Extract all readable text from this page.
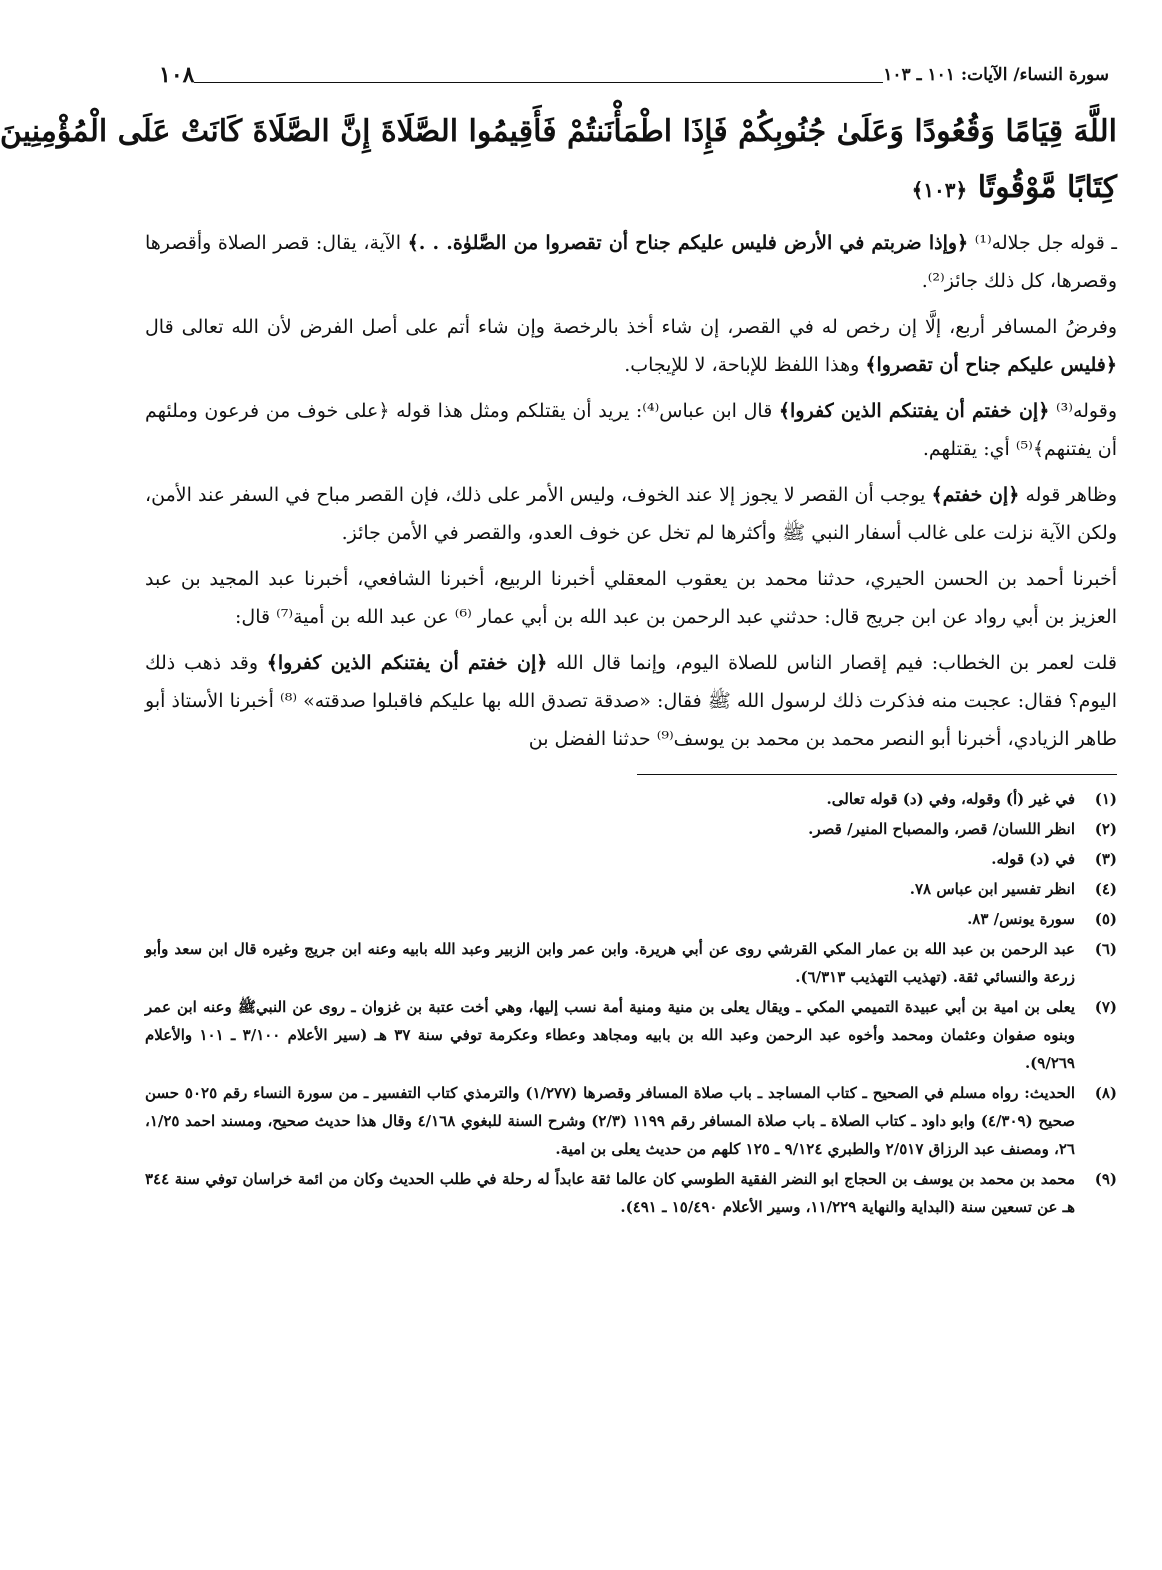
سورة النساء/ الآيات: ١٠١ ـ ١٠٣
١٠٨
اللَّهَ قِيَامًا وَقُعُودًا وَعَلَىٰ جُنُوبِكُمْ فَإِذَا اطْمَأْنَنتُمْ فَأَقِيمُوا الصَّلَاةَ إِنَّ الصَّلَاةَ كَانَتْ عَلَى الْمُؤْمِنِينَ
كِتَابًا مَّوْقُوتًا ﴿١٠٣﴾

ـ قوله جل جلاله⁽¹⁾ ﴿وإذا ضربتم في الأرض فليس عليكم جناح أن تقصروا من الصَّلوٰة. . .﴾ الآية، يقال: قصر الصلاة وأقصرها وقصرها، كل ذلك جائز⁽²⁾.

وفرضُ المسافر أربع، إلَّا إن رخص له في القصر، إن شاء أخذ بالرخصة وإن شاء أتم على أصل الفرض لأن الله تعالى قال ﴿فليس عليكم جناح أن تقصروا﴾ وهذا اللفظ للإباحة، لا للإيجاب.

وقوله⁽³⁾ ﴿إن خفتم أن يفتنكم الذين كفروا﴾ قال ابن عباس⁽⁴⁾: يريد أن يقتلكم ومثل هذا قوله ﴿على خوف من فرعون وملئهم أن يفتنهم﴾⁽⁵⁾ أي: يقتلهم.

وظاهر قوله ﴿إن خفتم﴾ يوجب أن القصر لا يجوز إلا عند الخوف، وليس الأمر على ذلك، فإن القصر مباح في السفر عند الأمن، ولكن الآية نزلت على غالب أسفار النبي ﷺ وأكثرها لم تخل عن خوف العدو، والقصر في الأمن جائز.

أخبرنا أحمد بن الحسن الحيري، حدثنا محمد بن يعقوب المعقلي أخبرنا الربيع، أخبرنا الشافعي، أخبرنا عبد المجيد بن عبد العزيز بن أبي رواد عن ابن جريج قال: حدثني عبد الرحمن بن عبد الله بن أبي عمار ⁽⁶⁾ عن عبد الله بن أمية⁽⁷⁾ قال:

قلت لعمر بن الخطاب: فيم إقصار الناس للصلاة اليوم، وإنما قال الله ﴿إن خفتم أن يفتنكم الذين كفروا﴾ وقد ذهب ذلك اليوم؟ فقال: عجبت منه فذكرت ذلك لرسول الله ﷺ فقال: «صدقة تصدق الله بها عليكم فاقبلوا صدقته» ⁽⁸⁾ أخبرنا الأستاذ أبو طاهر الزيادي، أخبرنا أبو النصر محمد بن محمد بن يوسف⁽⁹⁾ حدثنا الفضل بن

(١)
في غير (أ) وقوله، وفي (د) قوله تعالى.
(٢)
انظر اللسان/ قصر، والمصباح المنير/ قصر.
(٣)
في (د) قوله.
(٤)
انظر تفسير ابن عباس ٧٨.
(٥)
سورة يونس/ ٨٣.
(٦)
عبد الرحمن بن عبد الله بن عمار المكي القرشي روى عن أبي هريرة. وابن عمر وابن الزبير وعبد الله بابيه وعنه ابن جريج وغيره قال ابن سعد وأبو زرعة والنسائي ثقة. (تهذيب التهذيب ٦/٣١٣).
(٧)
يعلى بن امية بن أبي عبيدة التميمي المكي ـ ويقال يعلى بن منية ومنية أمة نسب إليها، وهي أخت عتبة بن غزوان ـ روى عن النبيﷺ وعنه ابن عمر وبنوه صفوان وعثمان ومحمد وأخوه عبد الرحمن وعبد الله بن بابيه ومجاهد وعطاء وعكرمة توفي سنة ٣٧ هـ (سير الأعلام ٣/١٠٠ ـ ١٠١ والأعلام ٩/٢٦٩).
(٨)
الحديث: رواه مسلم في الصحيح ـ كتاب المساجد ـ باب صلاة المسافر وقصرها (١/٢٧٧) والترمذي كتاب التفسير ـ من سورة النساء رقم ٥٠٢٥ حسن صحيح (٤/٣٠٩) وابو داود ـ كتاب الصلاة ـ باب صلاة المسافر رقم ١١٩٩ (٢/٣) وشرح السنة للبغوي ٤/١٦٨ وقال هذا حديث صحيح، ومسند احمد ١/٢٥، ٢٦، ومصنف عبد الرزاق ٢/٥١٧ والطبري ٩/١٢٤ ـ ١٢٥ كلهم من حديث يعلى بن امية.
(٩)
محمد بن محمد بن يوسف بن الحجاج ابو النضر الفقية الطوسي كان عالما ثقة عابداً له رحلة في طلب الحديث وكان من ائمة خراسان توفي سنة ٣٤٤ هـ عن تسعين سنة (البداية والنهاية ١١/٢٢٩، وسير الأعلام ١٥/٤٩٠ ـ ٤٩١).
